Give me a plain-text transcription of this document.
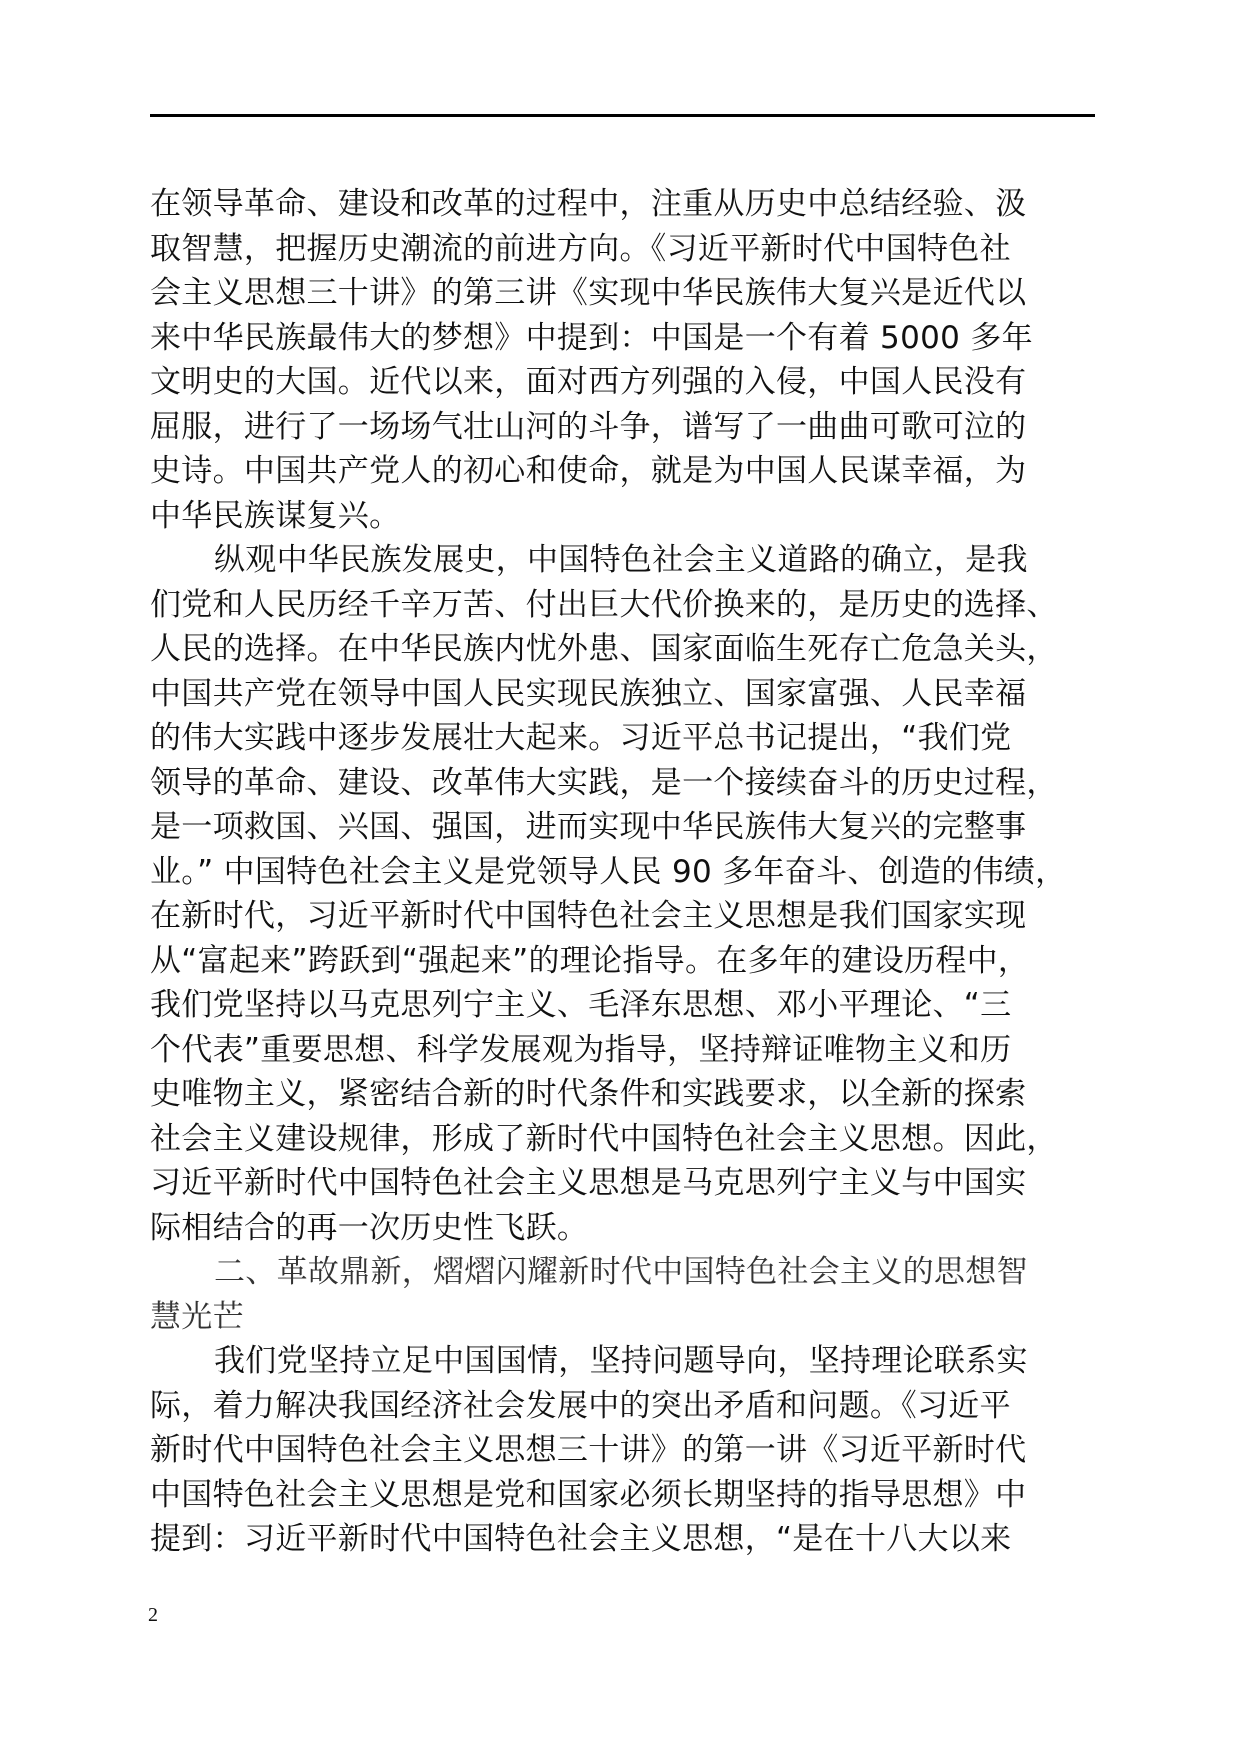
在领导革命、建设和改革的过程中，注重从历史中总结经验、汲
取智慧，把握历史潮流的前进方向。《习近平新时代中国特色社
会主义思想三十讲》的第三讲《实现中华民族伟大复兴是近代以
来中华民族最伟大的梦想》中提到：中国是一个有着 5000 多年
文明史的大国。近代以来，面对西方列强的入侵，中国人民没有
屈服，进行了一场场气壮山河的斗争，谱写了一曲曲可歌可泣的
史诗。中国共产党人的初心和使命，就是为中国人民谋幸福，为
中华民族谋复兴。
纵观中华民族发展史，中国特色社会主义道路的确立，是我
们党和人民历经千辛万苦、付出巨大代价换来的，是历史的选择、
人民的选择。在中华民族内忧外患、国家面临生死存亡危急关头，
中国共产党在领导中国人民实现民族独立、国家富强、人民幸福
的伟大实践中逐步发展壮大起来。习近平总书记提出，“我们党
领导的革命、建设、改革伟大实践，是一个接续奋斗的历史过程，
是一项救国、兴国、强国，进而实现中华民族伟大复兴的完整事
业。” 中国特色社会主义是党领导人民 90 多年奋斗、创造的伟绩，
在新时代，习近平新时代中国特色社会主义思想是我们国家实现
从“富起来”跨跃到“强起来”的理论指导。在多年的建设历程中，
我们党坚持以马克思列宁主义、毛泽东思想、邓小平理论、“三
个代表”重要思想、科学发展观为指导，坚持辩证唯物主义和历
史唯物主义，紧密结合新的时代条件和实践要求，以全新的探索
社会主义建设规律，形成了新时代中国特色社会主义思想。因此，
习近平新时代中国特色社会主义思想是马克思列宁主义与中国实
际相结合的再一次历史性飞跃。
二、革故鼎新，熠熠闪耀新时代中国特色社会主义的思想智
慧光芒
我们党坚持立足中国国情，坚持问题导向，坚持理论联系实
际，着力解决我国经济社会发展中的突出矛盾和问题。《习近平
新时代中国特色社会主义思想三十讲》的第一讲《习近平新时代
中国特色社会主义思想是党和国家必须长期坚持的指导思想》中
提到：习近平新时代中国特色社会主义思想，“是在十八大以来
2
